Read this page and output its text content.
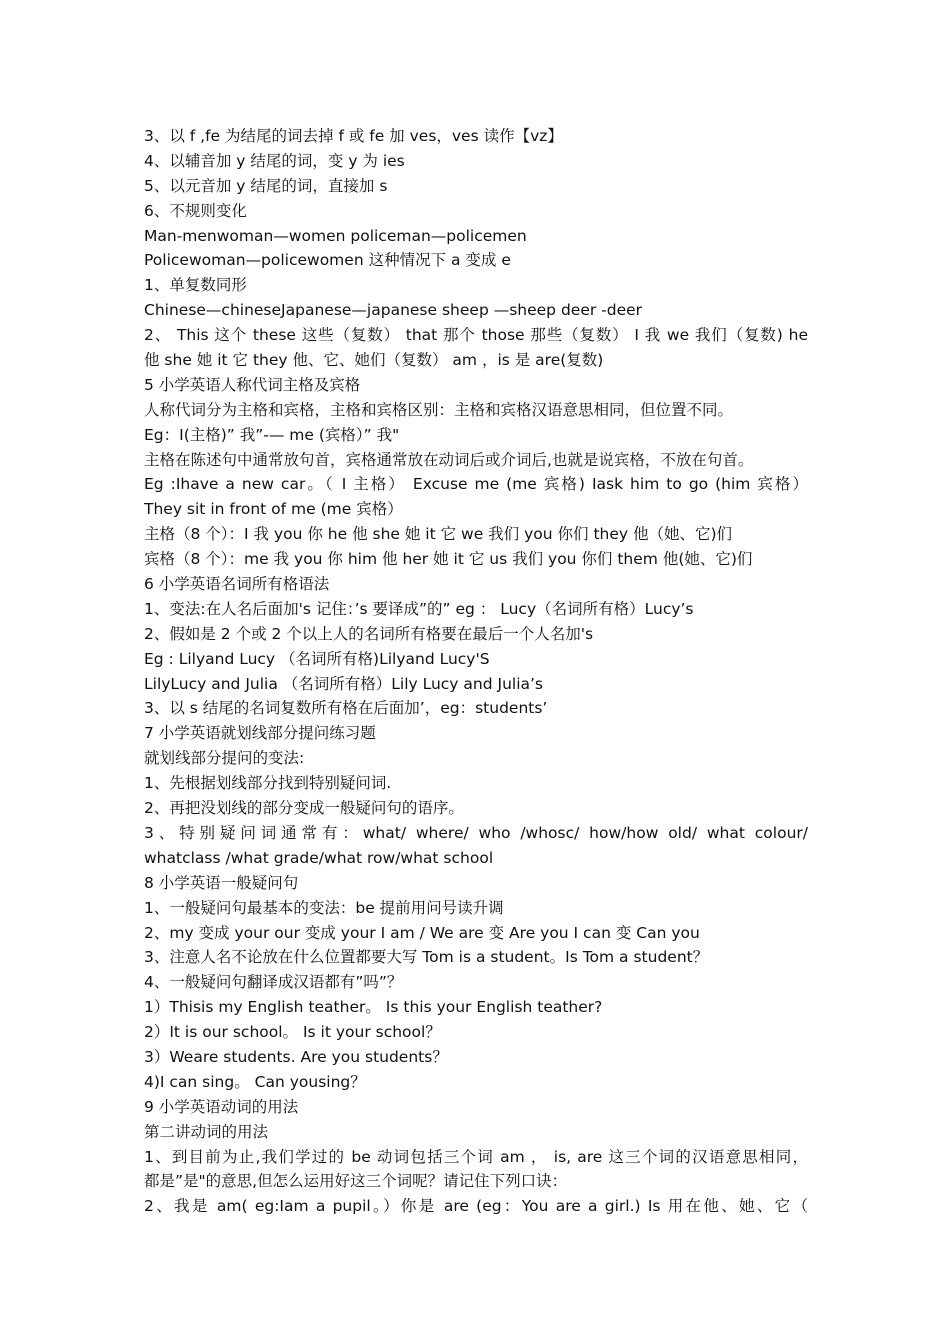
3、以 f ,fe 为结尾的词去掉 f 或 fe 加 ves，ves 读作【vz】
4、以辅音加 y 结尾的词，变 y 为 ies
5、以元音加 y 结尾的词，直接加 s
6、不规则变化
Man-menwoman—women policeman—policemen
Policewoman—policewomen 这种情况下 a 变成 e
1、单复数同形
Chinese—chineseJapanese—japanese sheep —sheep deer -deer
2、 This 这个 these 这些（复数） that 那个 those 那些（复数） I 我 we 我们（复数) he
他 she 她 it 它 they 他、它、她们（复数） am ，is 是 are(复数)
5 小学英语人称代词主格及宾格
人称代词分为主格和宾格，主格和宾格区别：主格和宾格汉语意思相同，但位置不同。
Eg：I(主格)” 我”-— me (宾格）” 我"
主格在陈述句中通常放句首，宾格通常放在动词后或介词后,也就是说宾格，不放在句首。
Eg :Ihave a new car。（ I 主格） Excuse me (me 宾格) Iask him to go (him 宾格）
They sit in front of me (me 宾格）
主格（8 个）：I 我 you 你 he 他 she 她 it 它 we 我们 you 你们 they 他（她、它)们
宾格（8 个）：me 我 you 你 him 他 her 她 it 它 us 我们 you 你们 them 他(她、它)们
6 小学英语名词所有格语法
1、变法:在人名后面加's 记住：’s 要译成”的” eg ： Lucy（名词所有格）Lucy’s
2、假如是 2 个或 2 个以上人的名词所有格要在最后一个人名加's
Eg : Lilyand Lucy （名词所有格)Lilyand Lucy'S
LilyLucy and Julia （名词所有格）Lily Lucy and Julia’s
3、以 s 结尾的名词复数所有格在后面加’，eg：students’
7 小学英语就划线部分提问练习题
就划线部分提问的变法:
1、先根据划线部分找到特别疑问词.
2、再把没划线的部分变成一般疑问句的语序。
3、特别疑问词通常有：what/ where/ who /whosc/ how/how old/ what colour/
whatclass /what grade/what row/what school
8 小学英语一般疑问句
1、一般疑问句最基本的变法：be 提前用问号读升调
2、my 变成 your our 变成 your I am / We are 变 Are you I can 变 Can you
3、注意人名不论放在什么位置都要大写 Tom is a student。Is Tom a student？
4、一般疑问句翻译成汉语都有”吗”？
1）Thisis my English teather。 Is this your English teather?
2）It is our school。 Is it your school？
3）Weare students. Are you students？
4)I can sing。 Can yousing？
9 小学英语动词的用法
第二讲动词的用法
1、到目前为止,我们学过的 be 动词包括三个词 am ， is, are 这三个词的汉语意思相同，
都是”是"的意思,但怎么运用好这三个词呢？请记住下列口诀：
2、我是 am( eg:Iam a pupil。）你是 are (eg：You are a girl.) Is 用在他、她、它（
